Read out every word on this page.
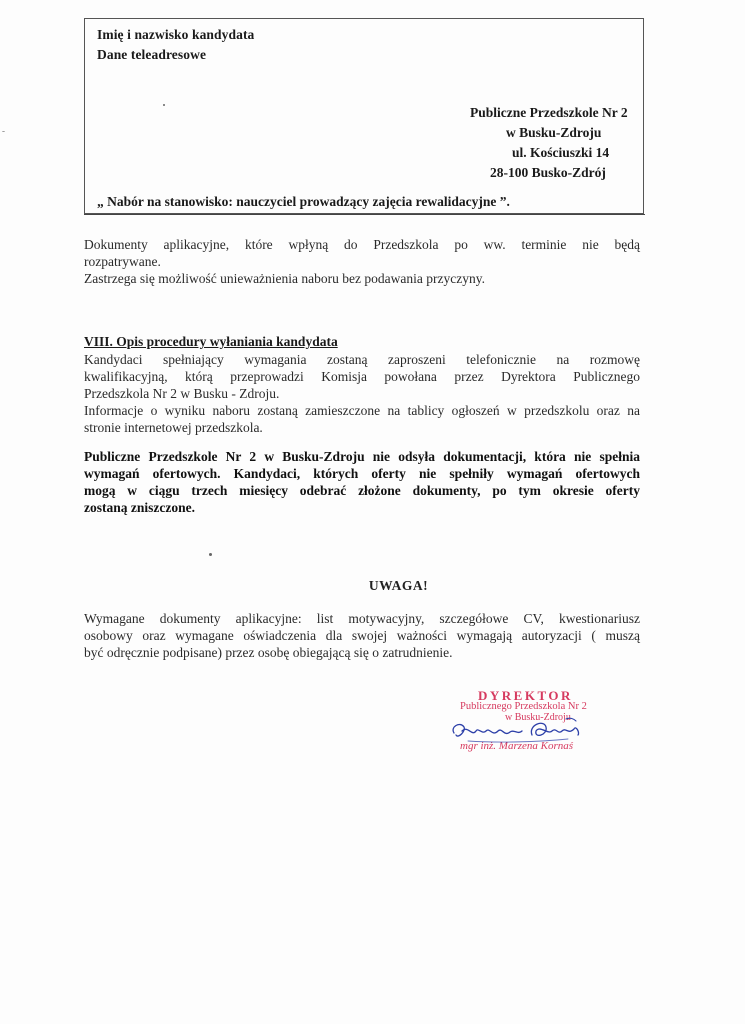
Imię i nazwisko kandydata
Dane teleadresowe
Publiczne Przedszkole Nr 2
w Busku-Zdroju
ul. Kościuszki 14
28-100 Busko-Zdrój
„ Nabór na stanowisko: nauczyciel prowadzący zajęcia rewalidacyjne ”.
Dokumenty aplikacyjne, które wpłyną do Przedszkola po ww. terminie nie będą
rozpatrywane.
Zastrzega się możliwość unieważnienia naboru bez podawania przyczyny.
VIII. Opis procedury wyłaniania kandydata
Kandydaci spełniający wymagania zostaną zaproszeni telefonicznie na rozmowę
kwalifikacyjną, którą przeprowadzi Komisja powołana przez Dyrektora Publicznego
Przedszkola Nr 2 w Busku - Zdroju.
Informacje o wyniku naboru zostaną zamieszczone na tablicy ogłoszeń w przedszkolu oraz na
stronie internetowej przedszkola.
Publiczne Przedszkole Nr 2 w Busku-Zdroju nie odsyła dokumentacji, która nie spełnia
wymagań ofertowych. Kandydaci, których oferty nie spełniły wymagań ofertowych
mogą w ciągu trzech miesięcy odebrać złożone dokumenty, po tym okresie oferty
zostaną zniszczone.
UWAGA!
Wymagane dokumenty aplikacyjne: list motywacyjny, szczegółowe CV, kwestionariusz
osobowy oraz wymagane oświadczenia dla swojej ważności wymagają autoryzacji ( muszą
być odręcznie podpisane) przez osobę obiegającą się o zatrudnienie.
DYREKTOR
Publicznego Przedszkola Nr 2
w Busku-Zdroju
mgr inż. Marzena Kornaś
